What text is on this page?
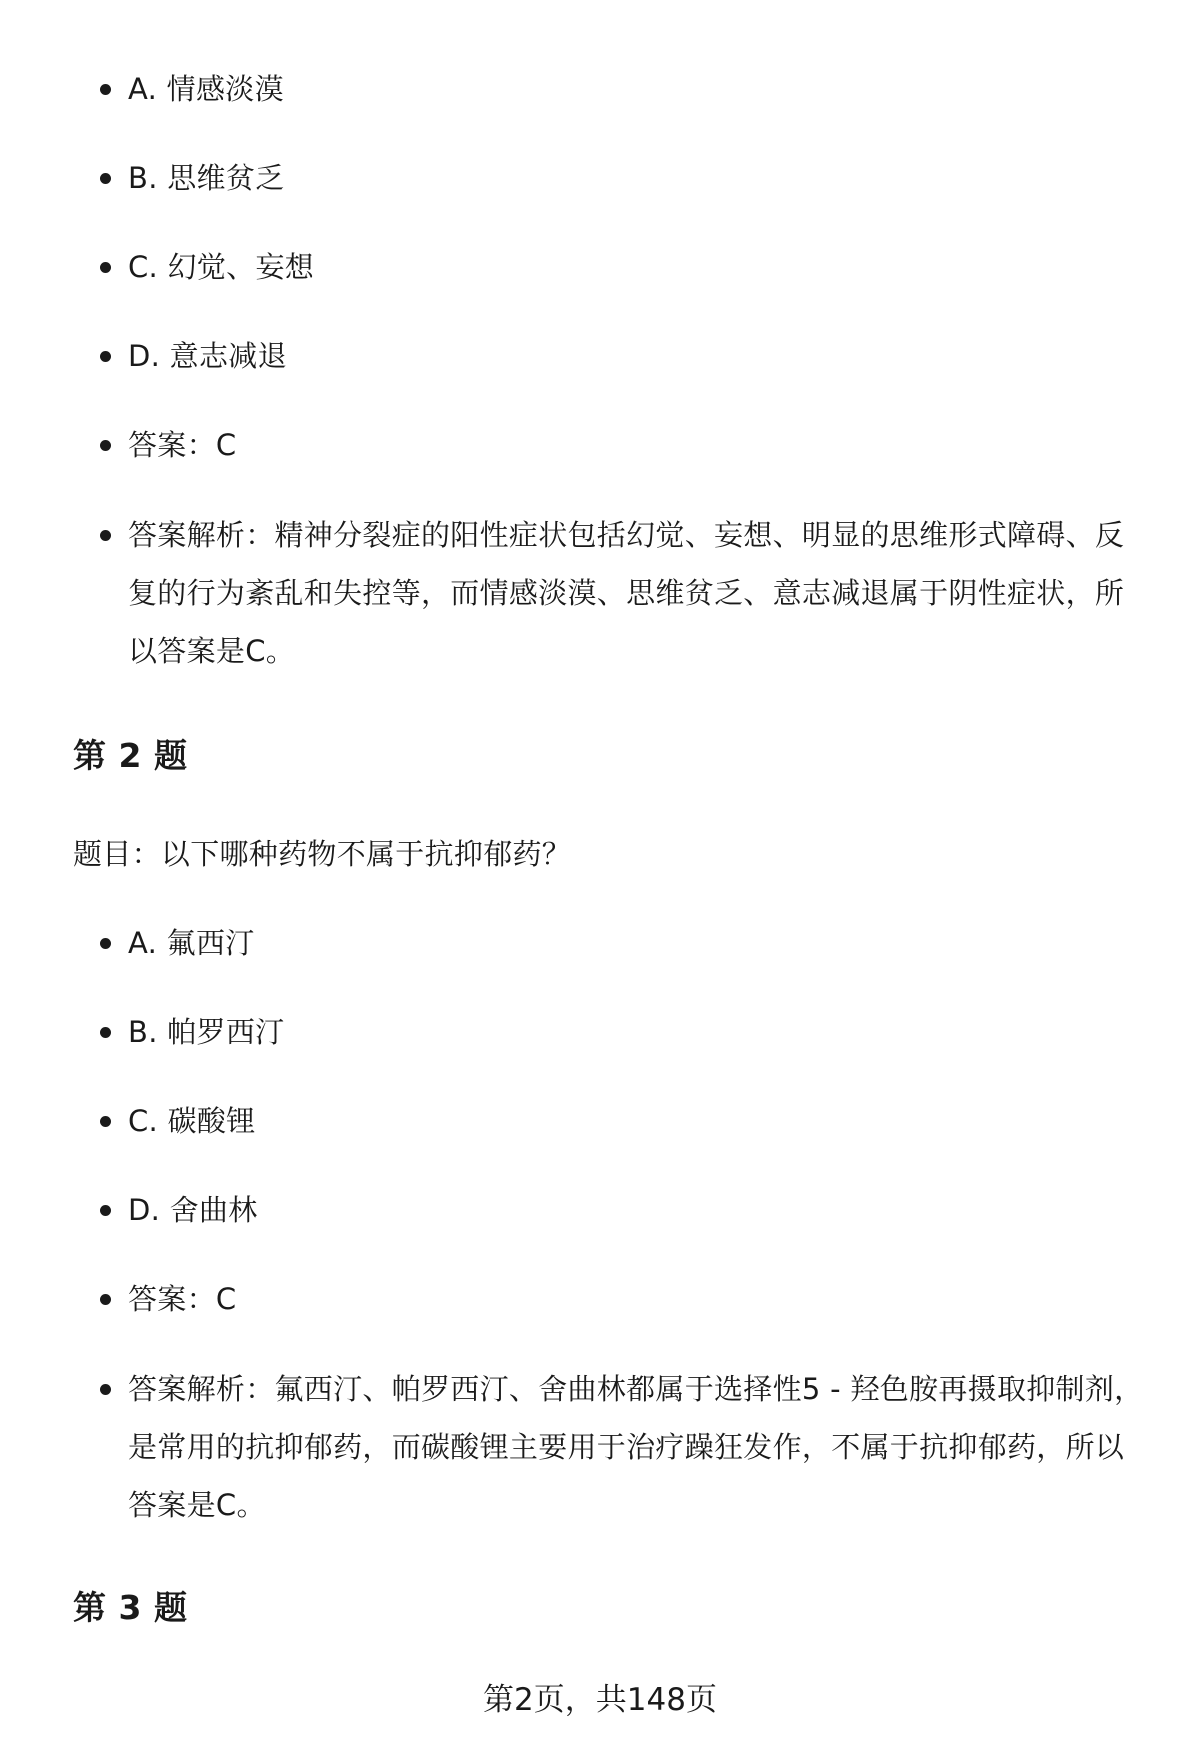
A. 情感淡漠
B. 思维贫乏
C. 幻觉、妄想
D. 意志减退
答案：C
答案解析：精神分裂症的阳性症状包括幻觉、妄想、明显的思维形式障碍、反复的行为紊乱和失控等，而情感淡漠、思维贫乏、意志减退属于阴性症状，所以答案是C。
第 2 题
题目：以下哪种药物不属于抗抑郁药？
A. 氟西汀
B. 帕罗西汀
C. 碳酸锂
D. 舍曲林
答案：C
答案解析：氟西汀、帕罗西汀、舍曲林都属于选择性5 - 羟色胺再摄取抑制剂，是常用的抗抑郁药，而碳酸锂主要用于治疗躁狂发作，不属于抗抑郁药，所以答案是C。
第 3 题
第2页，共148页
